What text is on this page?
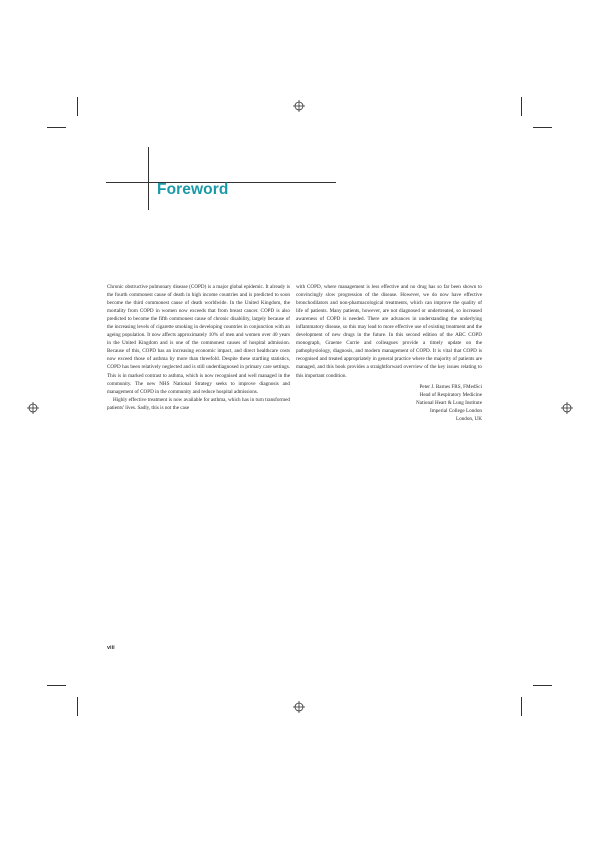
Foreword

Chronic obstructive pulmonary disease (COPD) is a major global epidemic. It already is the fourth commonest cause of death in high income countries and is predicted to soon become the third commonest cause of death worldwide. In the United Kingdom, the mortality from COPD in women now exceeds that from breast cancer. COPD is also predicted to become the fifth commonest cause of chronic disability, largely because of the increasing levels of cigarette smoking in developing countries in conjunction with an ageing population. It now affects approximately 10% of men and women over 40 years in the United Kingdom and is one of the commonest causes of hospital admission. Because of this, COPD has an increasing economic impact, and direct healthcare costs now exceed those of asthma by more than threefold. Despite these startling statistics, COPD has been relatively neglected and is still underdiagnosed in primary care settings. This is in marked contrast to asthma, which is now recognised and well managed in the community. The new NHS National Strategy seeks to improve diagnosis and management of COPD in the community and reduce hospital admissions.

Highly effective treatment is now available for asthma, which has in turn transformed patients' lives. Sadly, this is not the case

with COPD, where management is less effective and no drug has so far been shown to convincingly slow progression of the disease. However, we do now have effective bronchodilators and non-pharmacological treatments, which can improve the quality of life of patients. Many patients, however, are not diagnosed or undertreated, so increased awareness of COPD is needed. There are advances in understanding the underlying inflammatory disease, so this may lead to more effective use of existing treatment and the development of new drugs in the future. In this second edition of the ABC COPD monograph, Graeme Currie and colleagues provide a timely update on the pathophysiology, diagnosis, and modern management of COPD. It is vital that COPD is recognised and treated appropriately in general practice where the majority of patients are managed, and this book provides a straightforward overview of the key issues relating to this important condition.

Peter J. Barnes FRS, FMedSci
Head of Respiratory Medicine
National Heart & Lung Institute
Imperial College London
London, UK
viii
